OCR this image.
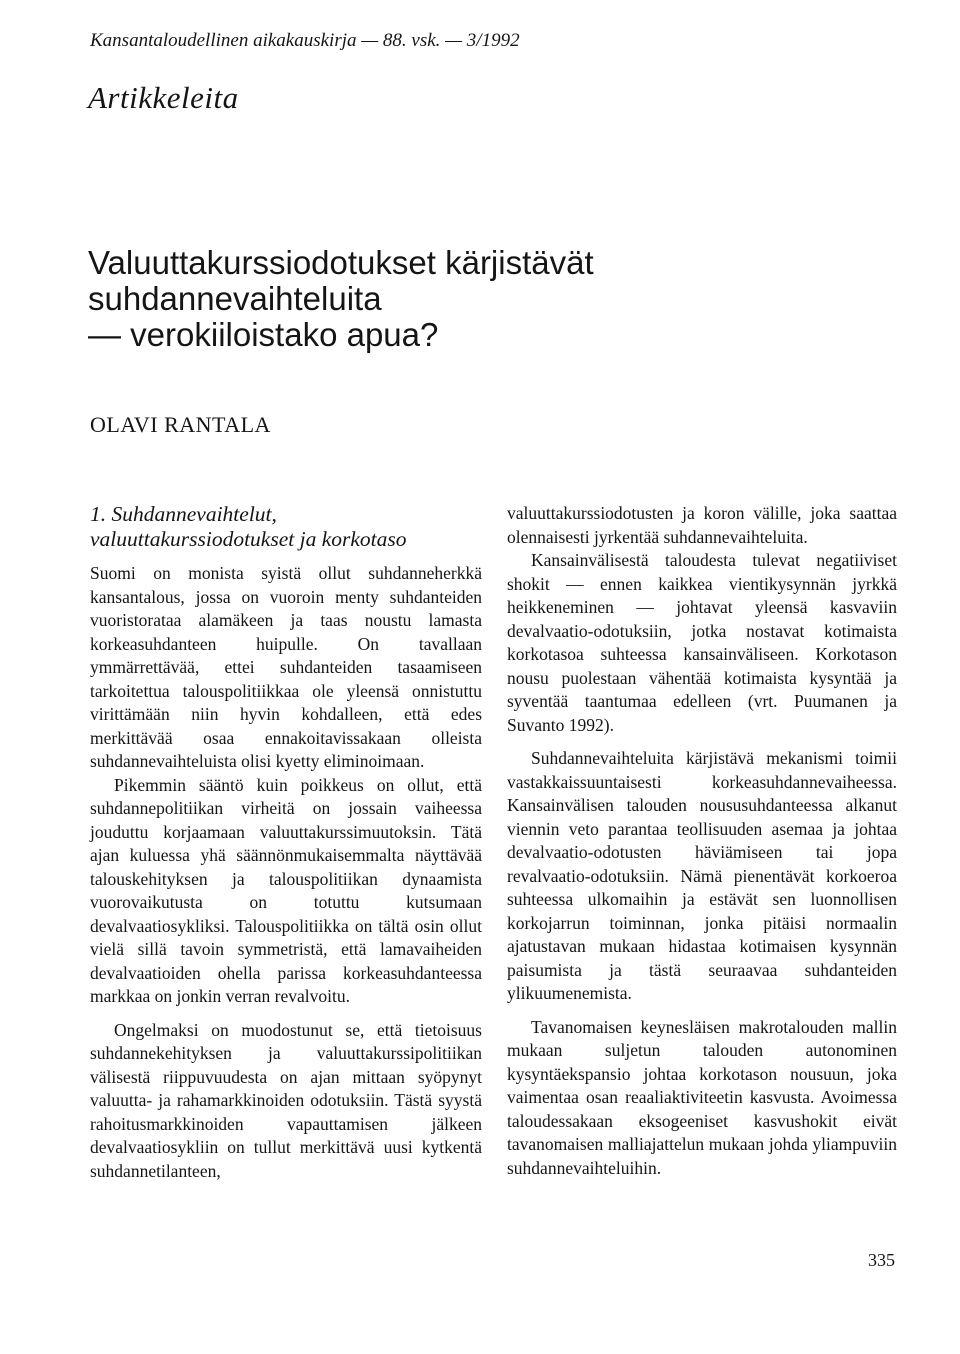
Kansantaloudellinen aikakauskirja — 88. vsk. — 3/1992
Artikkeleita
Valuuttakurssiodotukset kärjistävät
suhdannevaihteluita
— verokiiloistako apua?
OLAVI RANTALA
1. Suhdannevaihtelut, valuuttakurssiodotukset ja korkotaso

Suomi on monista syistä ollut suhdanneherkkä kansantalous, jossa on vuoroin menty suhdanteiden vuoristorataa alamäkeen ja taas noustu lamasta korkeasuhdanteen huipulle. On tavallaan ymmärrettävää, ettei suhdanteiden tasaamiseen tarkoitettua talouspolitiikkaa ole yleensä onnistuttu virittämään niin hyvin kohdalleen, että edes merkittävää osaa ennakoitavissakaan olleista suhdannevaihteluista olisi kyetty eliminoimaan.

Pikemmin sääntö kuin poikkeus on ollut, että suhdannepolitiikan virheitä on jossain vaiheessa jouduttu korjaamaan valuuttakurssimuutoksin. Tätä ajan kuluessa yhä säännönmukaisemmalta näyttävää talouskehityksen ja talouspolitiikan dynaamista vuorovaikutusta on totuttu kutsumaan devalvaatiosykliksi. Talouspolitiikka on tältä osin ollut vielä sillä tavoin symmetristä, että lamavaiheiden devalvaatioiden ohella parissa korkeasuhdanteessa markkaa on jonkin verran revalvoitu.

Ongelmaksi on muodostunut se, että tietoisuus suhdannekehityksen ja valuuttakurssipolitiikan välisestä riippuvuudesta on ajan mittaan syöpynyt valuutta- ja rahamarkkinoiden odotuksiin. Tästä syystä rahoitusmarkkinoiden vapauttamisen jälkeen devalvaatiosykliin on tullut merkittävä uusi kytkentä suhdannetilanteen,

valuuttakurssiodotusten ja koron välille, joka saattaa olennaisesti jyrkentää suhdannevaihteluita.

Kansainvälisestä taloudesta tulevat negatiiviset shokit — ennen kaikkea vientikysynnän jyrkkä heikkeneminen — johtavat yleensä kasvaviin devalvaatio-odotuksiin, jotka nostavat kotimaista korkotasoa suhteessa kansainväliseen. Korkotason nousu puolestaan vähentää kotimaista kysyntää ja syventää taantumaa edelleen (vrt. Puumanen ja Suvanto 1992).

Suhdannevaihteluita kärjistävä mekanismi toimii vastakkaissuuntaisesti korkeasuhdannevaiheessa. Kansainvälisen talouden noususuhdanteessa alkanut viennin veto parantaa teollisuuden asemaa ja johtaa devalvaatio-odotusten häviämiseen tai jopa revalvaatio-odotuksiin. Nämä pienentävät korkoeroa suhteessa ulkomaihin ja estävät sen luonnollisen korkojarrun toiminnan, jonka pitäisi normaalin ajatustavan mukaan hidastaa kotimaisen kysynnän paisumista ja tästä seuraavaa suhdanteiden ylikuumenemista.

Tavanomaisen keynesläisen makrotalouden mallin mukaan suljetun talouden autonominen kysyntäekspansio johtaa korkotason nousuun, joka vaimentaa osan reaaliaktiviteetin kasvusta. Avoimessa taloudessakaan eksogeeniset kasvushokit eivät tavanomaisen malliajattelun mukaan johda yliampuviin suhdannevaihteluihin.

335
